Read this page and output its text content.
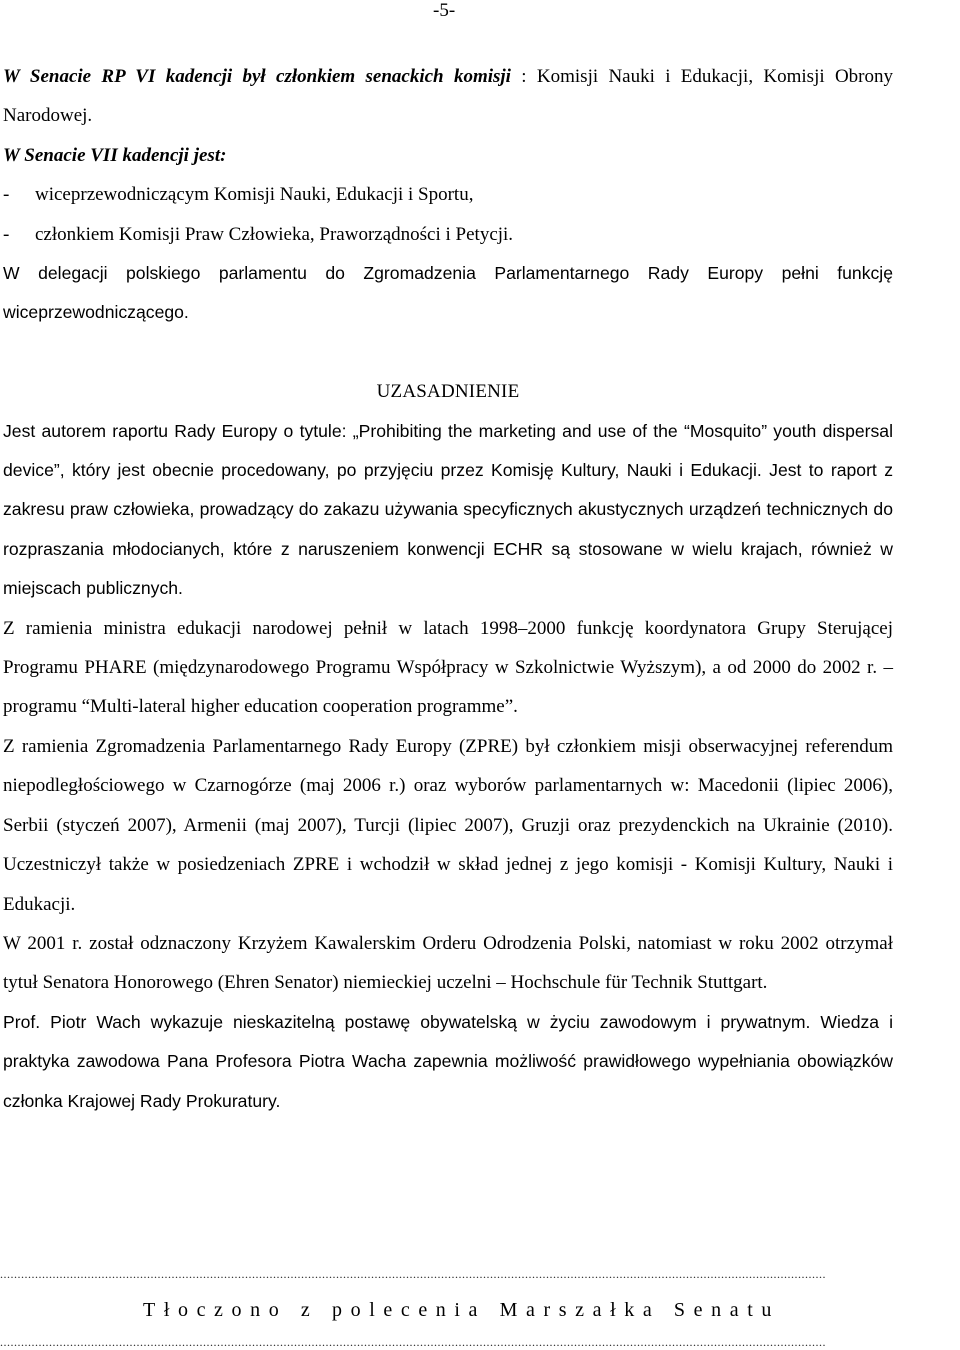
-5-

W Senacie RP VI kadencji był członkiem senackich komisji : Komisji Nauki i Edukacji, Komisji Obrony Narodowej.

W Senacie VII kadencji jest:

-	wiceprzewodniczącym Komisji Nauki, Edukacji i Sportu,
-	członkiem Komisji Praw Człowieka, Praworządności i Petycji.

W delegacji polskiego parlamentu do Zgromadzenia Parlamentarnego Rady Europy pełni funkcję wiceprzewodniczącego.

UZASADNIENIE

Jest autorem raportu Rady Europy o tytule: „Prohibiting the marketing and use of the “Mosquito” youth dispersal device”, który jest obecnie procedowany, po przyjęciu przez Komisję Kultury, Nauki i Edukacji. Jest to raport z zakresu praw człowieka, prowadzący do zakazu używania specyficznych akustycznych urządzeń technicznych do rozpraszania młodocianych, które z naruszeniem konwencji ECHR są stosowane w wielu krajach, również w miejscach publicznych.

Z ramienia ministra edukacji narodowej pełnił w latach 1998–2000 funkcję koordynatora Grupy Sterującej Programu PHARE (międzynarodowego Programu Współpracy w Szkolnictwie Wyższym), a od 2000 do 2002 r. – programu “Multi-lateral higher education cooperation programme”.

Z ramienia Zgromadzenia Parlamentarnego Rady Europy (ZPRE) był członkiem misji obserwacyjnej referendum niepodległościowego w Czarnogórze (maj 2006 r.) oraz wyborów parlamentarnych w: Macedonii (lipiec 2006), Serbii (styczeń 2007), Armenii (maj 2007), Turcji (lipiec 2007), Gruzji oraz prezydenckich na Ukrainie (2010). Uczestniczył także w posiedzeniach ZPRE i wchodził w skład jednej z jego komisji - Komisji Kultury, Nauki i Edukacji.

W 2001 r. został odznaczony Krzyżem Kawalerskim Orderu Odrodzenia Polski, natomiast w roku 2002 otrzymał tytuł Senatora Honorowego (Ehren Senator) niemieckiej uczelni – Hochschule für Technik Stuttgart.

Prof. Piotr Wach wykazuje nieskazitelną postawę obywatelską w życiu zawodowym i prywatnym. Wiedza i praktyka zawodowa Pana Profesora Piotra Wacha zapewnia możliwość prawidłowego wypełniania obowiązków członka Krajowej Rady Prokuratury.

............................................................................................................................................................................................................................................
Tłoczono z polecenia Marszałka Senatu
............................................................................................................................................................................................................................................
